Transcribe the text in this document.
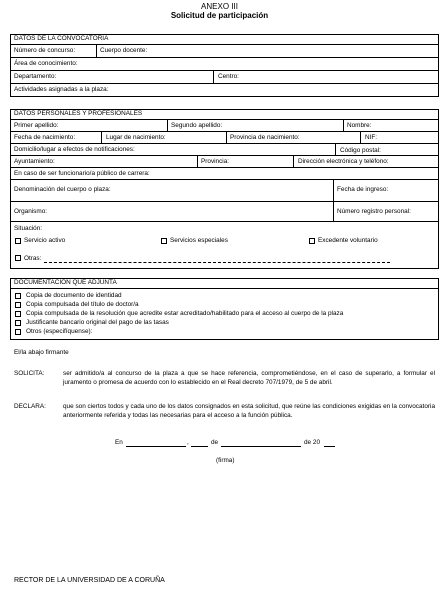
ANEXO III
Solicitud de participación
DATOS DE LA CONVOCATORIA
Número de concurso:	Cuerpo docente:
Área de conocimiento:
Departamento:	Centro:
Actividades asignadas a la plaza:
DATOS PERSONALES Y PROFESIONALES
Primer apellido:	Segundo apellido:	Nombre:
Fecha de nacimiento:	Lugar de nacimiento:	Provincia de nacimiento:	NIF:
Domicilio/lugar a efectos de notificaciones:	Código postal:
Ayuntamiento:	Provincia:	Dirección electrónica y teléfono:
En caso de ser funcionario/a público de carrera:
Denominación del cuerpo o plaza:	Fecha de ingreso:
Organismo:	Número registro personal:
Situación:
Servicio activo	Servicios especiales	Excedente voluntario
Otras:
DOCUMENTACIÓN QUE ADJUNTA
Copia de documento de identidad
Copia compulsada del título de doctor/a
Copia compulsada de la resolución que acredite estar acreditado/habilitado para el acceso al cuerpo de la plaza
Justificante bancario original del pago de las tasas
Otros (especifíquense):
El/la abajo firmante
SOLICITA:	ser admitido/a al concurso de la plaza a que se hace referencia, comprometiéndose, en el caso de superarlo, a formular el juramento o promesa de acuerdo con lo establecido en el Real decreto 707/1979, de 5 de abril.
DECLARA:	que son ciertos todos y cada uno de los datos consignados en esta solicitud, que reúne las condiciones exigidas en la convocatoria anteriormente referida y todas las necesarias para el acceso a la función pública.
En	,	de	de 20
(firma)
RECTOR DE LA UNIVERSIDAD DE A CORUÑA
